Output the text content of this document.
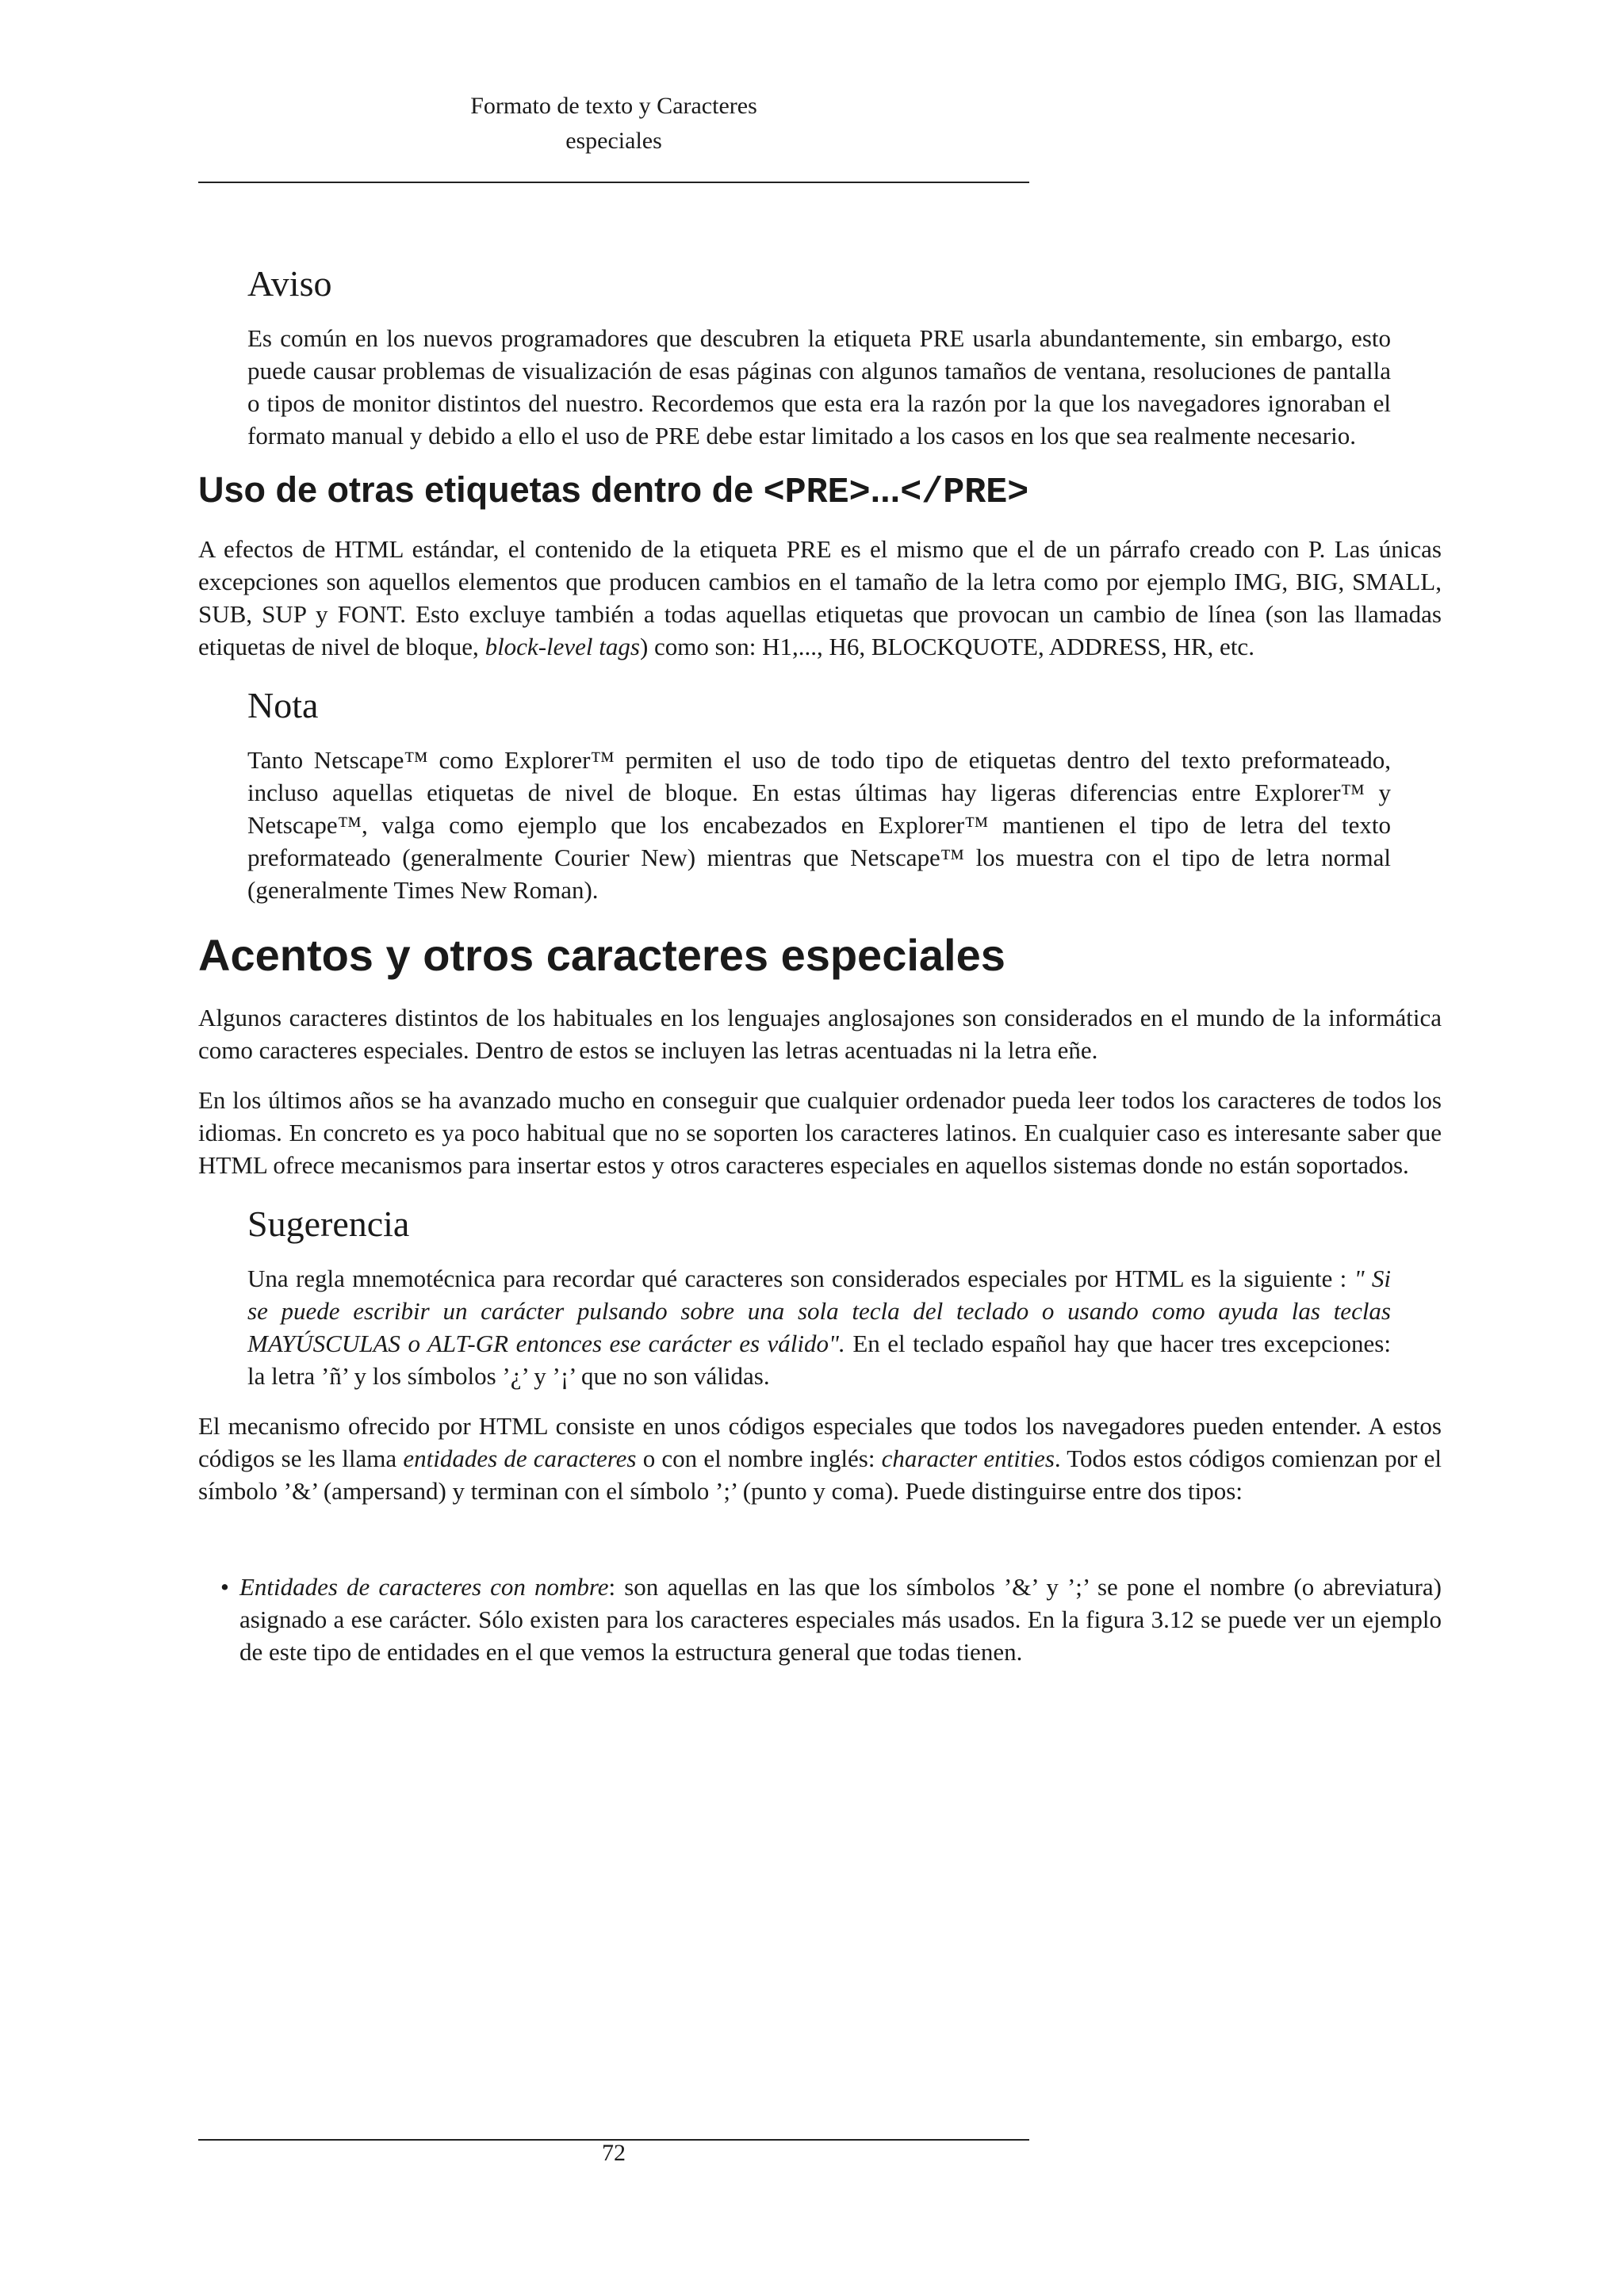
Formato de texto y Caracteres
especiales
Aviso

Es común en los nuevos programadores que descubren la etiqueta PRE usarla abundantemente, sin embargo, esto puede causar problemas de visualización de esas páginas con algunos tamaños de ventana, resoluciones de pantalla o tipos de monitor distintos del nuestro. Recordemos que esta era la razón por la que los navegadores ignoraban el formato manual y debido a ello el uso de PRE debe estar limitado a los casos en los que sea realmente necesario.

Uso de otras etiquetas dentro de <PRE>...</PRE>

A efectos de HTML estándar, el contenido de la etiqueta PRE es el mismo que el de un párrafo creado con P. Las únicas excepciones son aquellos elementos que producen cambios en el tamaño de la letra como por ejemplo IMG, BIG, SMALL, SUB, SUP y FONT. Esto excluye también a todas aquellas etiquetas que provocan un cambio de línea (son las llamadas etiquetas de nivel de bloque, block-level tags) como son: H1,..., H6, BLOCKQUOTE, ADDRESS, HR, etc.

Nota

Tanto Netscape™ como Explorer™ permiten el uso de todo tipo de etiquetas dentro del texto preformateado, incluso aquellas etiquetas de nivel de bloque. En estas últimas hay ligeras diferencias entre Explorer™ y Netscape™, valga como ejemplo que los encabezados en Explorer™ mantienen el tipo de letra del texto preformateado (generalmente Courier New) mientras que Netscape™ los muestra con el tipo de letra normal (generalmente Times New Roman).

Acentos y otros caracteres especiales

Algunos caracteres distintos de los habituales en los lenguajes anglosajones son considerados en el mundo de la informática como caracteres especiales. Dentro de estos se incluyen las letras acentuadas ni la letra eñe.

En los últimos años se ha avanzado mucho en conseguir que cualquier ordenador pueda leer todos los caracteres de todos los idiomas. En concreto es ya poco habitual que no se soporten los caracteres latinos. En cualquier caso es interesante saber que HTML ofrece mecanismos para insertar estos y otros caracteres especiales en aquellos sistemas donde no están soportados.

Sugerencia

Una regla mnemotécnica para recordar qué caracteres son considerados especiales por HTML es la siguiente : " Si se puede escribir un carácter pulsando sobre una sola tecla del teclado o usando como ayuda las teclas MAYÚSCULAS o ALT-GR entonces ese carácter es válido". En el teclado español hay que hacer tres excepciones: la letra ’ñ’ y los símbolos ’¿’ y ’¡’ que no son válidas.

El mecanismo ofrecido por HTML consiste en unos códigos especiales que todos los navegadores pueden entender. A estos códigos se les llama entidades de caracteres o con el nombre inglés: character entities. Todos estos códigos comienzan por el símbolo ’&’ (ampersand) y terminan con el símbolo ’;’ (punto y coma). Puede distinguirse entre dos tipos:

• Entidades de caracteres con nombre: son aquellas en las que los símbolos ’&’ y ’;’ se pone el nombre (o abreviatura) asignado a ese carácter. Sólo existen para los caracteres especiales más usados. En la figura 3.12 se puede ver un ejemplo de este tipo de entidades en el que vemos la estructura general que todas tienen.
72
